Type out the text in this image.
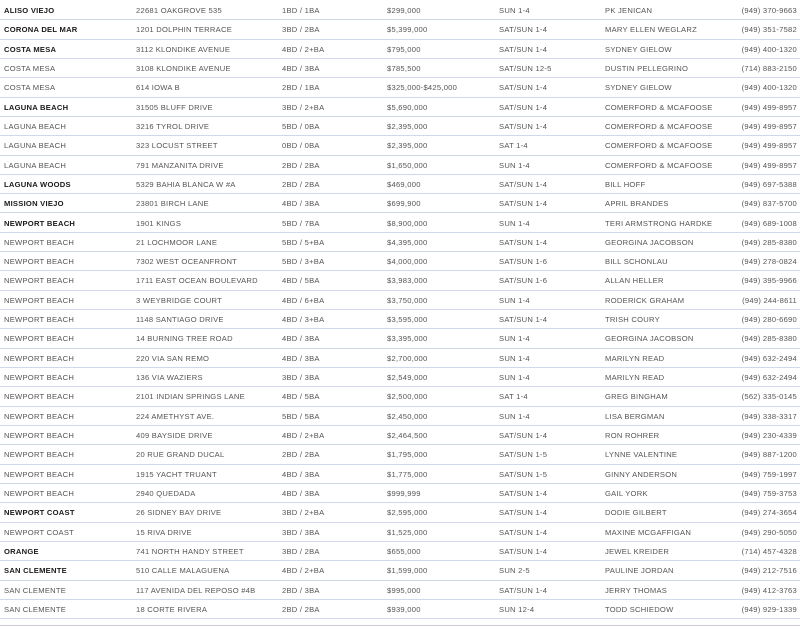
ALISO VIEJO	22681 OAKGROVE 535	1BD / 1BA	$299,000	SUN 1-4	PK JENICAN	(949) 370-9663
CORONA DEL MAR	1201 DOLPHIN TERRACE	3BD / 2BA	$5,399,000	SAT/SUN 1-4	MARY ELLEN WEGLARZ	(949) 351-7582
COSTA MESA	3112 KLONDIKE AVENUE	4BD / 2+BA	$795,000	SAT/SUN 1-4	SYDNEY GIELOW	(949) 400-1320
COSTA MESA	3108 KLONDIKE AVENUE	4BD / 3BA	$785,500	SAT/SUN 12-5	DUSTIN PELLEGRINO	(714) 883-2150
COSTA MESA	614 IOWA B	2BD / 1BA	$325,000-$425,000	SAT/SUN 1-4	SYDNEY GIELOW	(949) 400-1320
LAGUNA BEACH	31505 BLUFF DRIVE	3BD / 2+BA	$5,690,000	SAT/SUN 1-4	COMERFORD & MCAFOOSE	(949) 499-8957
LAGUNA BEACH	3216 TYROL DRIVE	5BD / 0BA	$2,395,000	SAT/SUN 1-4	COMERFORD & MCAFOOSE	(949) 499-8957
LAGUNA BEACH	323 LOCUST STREET	0BD / 0BA	$2,395,000	SAT 1-4	COMERFORD & MCAFOOSE	(949) 499-8957
LAGUNA BEACH	791 MANZANITA DRIVE	2BD / 2BA	$1,650,000	SUN 1-4	COMERFORD & MCAFOOSE	(949) 499-8957
LAGUNA WOODS	5329 BAHIA BLANCA W #A	2BD / 2BA	$469,000	SAT/SUN 1-4	BILL HOFF	(949) 697-5388
MISSION VIEJO	23801 BIRCH LANE	4BD / 3BA	$699,900	SAT/SUN 1-4	APRIL BRANDES	(949) 837-5700
NEWPORT BEACH	1901 KINGS	5BD / 7BA	$8,900,000	SUN 1-4	TERI ARMSTRONG HARDKE	(949) 689-1008
NEWPORT BEACH	21 LOCHMOOR LANE	5BD / 5+BA	$4,395,000	SAT/SUN 1-4	GEORGINA JACOBSON	(949) 285-8380
NEWPORT BEACH	7302 WEST OCEANFRONT	5BD / 3+BA	$4,000,000	SAT/SUN 1-6	BILL SCHONLAU	(949) 278-0824
NEWPORT BEACH	1711 EAST OCEAN BOULEVARD	4BD / 5BA	$3,983,000	SAT/SUN 1-6	ALLAN HELLER	(949) 395-9966
NEWPORT BEACH	3 WEYBRIDGE COURT	4BD / 6+BA	$3,750,000	SUN 1-4	RODERICK GRAHAM	(949) 244-8611
NEWPORT BEACH	1148 SANTIAGO DRIVE	4BD / 3+BA	$3,595,000	SAT/SUN 1-4	TRISH COURY	(949) 280-6690
NEWPORT BEACH	14 BURNING TREE ROAD	4BD / 3BA	$3,395,000	SUN 1-4	GEORGINA JACOBSON	(949) 285-8380
NEWPORT BEACH	220 VIA SAN REMO	4BD / 3BA	$2,700,000	SUN 1-4	MARILYN READ	(949) 632-2494
NEWPORT BEACH	136 VIA WAZIERS	3BD / 3BA	$2,549,000	SUN 1-4	MARILYN READ	(949) 632-2494
NEWPORT BEACH	2101 INDIAN SPRINGS LANE	4BD / 5BA	$2,500,000	SAT 1-4	GREG BINGHAM	(562) 335-0145
NEWPORT BEACH	224 AMETHYST AVE.	5BD / 5BA	$2,450,000	SUN 1-4	LISA BERGMAN	(949) 338-3317
NEWPORT BEACH	409 BAYSIDE DRIVE	4BD / 2+BA	$2,464,500	SAT/SUN 1-4	RON ROHRER	(949) 230-4339
NEWPORT BEACH	20 RUE GRAND DUCAL	2BD / 2BA	$1,795,000	SAT/SUN 1-5	LYNNE VALENTINE	(949) 887-1200
NEWPORT BEACH	1915 YACHT TRUANT	4BD / 3BA	$1,775,000	SAT/SUN 1-5	GINNY ANDERSON	(949) 759-1997
NEWPORT BEACH	2940 QUEDADA	4BD / 3BA	$999,999	SAT/SUN 1-4	GAIL YORK	(949) 759-3753
NEWPORT COAST	26 SIDNEY BAY DRIVE	3BD / 2+BA	$2,595,000	SAT/SUN 1-4	DODIE GILBERT	(949) 274-3654
NEWPORT COAST	15 RIVA DRIVE	3BD / 3BA	$1,525,000	SAT/SUN 1-4	MAXINE MCGAFFIGAN	(949) 290-5050
ORANGE	741 NORTH HANDY STREET	3BD / 2BA	$655,000	SAT/SUN 1-4	JEWEL KREIDER	(714) 457-4328
SAN CLEMENTE	510 CALLE MALAGUENA	4BD / 2+BA	$1,599,000	SUN 2-5	PAULINE JORDAN	(949) 212-7516
SAN CLEMENTE	117 AVENIDA DEL REPOSO #4B	2BD / 3BA	$995,000	SAT/SUN 1-4	JERRY THOMAS	(949) 412-3763
SAN CLEMENTE	18 CORTE RIVERA	2BD / 2BA	$939,000	SUN 12-4	TODD SCHIEDOW	(949) 929-1339
